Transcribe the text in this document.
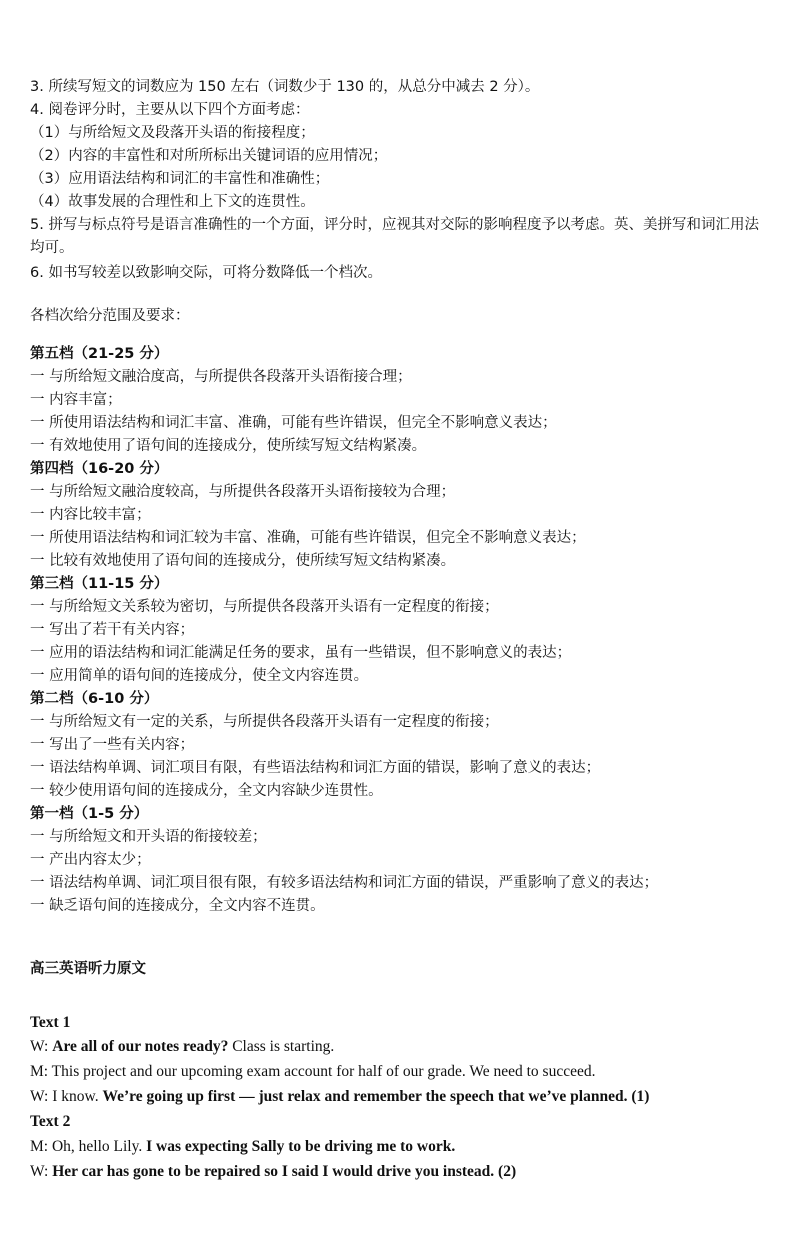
3. 所续写短文的词数应为 150 左右（词数少于 130 的，从总分中减去 2 分）。
4. 阅卷评分时，主要从以下四个方面考虑：
（1）与所给短文及段落开头语的衔接程度；
（2）内容的丰富性和对所所标出关键词语的应用情况；
（3）应用语法结构和词汇的丰富性和准确性；
（4）故事发展的合理性和上下文的连贯性。
5. 拼写与标点符号是语言准确性的一个方面，评分时，应视其对交际的影响程度予以考虑。英、美拼写和词汇用法均可。
6. 如书写较差以致影响交际，可将分数降低一个档次。
各档次给分范围及要求：
第五档（21-25 分）
一 与所给短文融洽度高，与所提供各段落开头语衔接合理；
一 内容丰富；
一 所使用语法结构和词汇丰富、准确，可能有些许错误，但完全不影响意义表达；
一 有效地使用了语句间的连接成分，使所续写短文结构紧凑。
第四档（16-20 分）
一 与所给短文融洽度较高，与所提供各段落开头语衔接较为合理；
一 内容比较丰富；
一 所使用语法结构和词汇较为丰富、准确，可能有些许错误，但完全不影响意义表达；
一 比较有效地使用了语句间的连接成分，使所续写短文结构紧凑。
第三档（11-15 分）
一 与所给短文关系较为密切，与所提供各段落开头语有一定程度的衔接；
一 写出了若干有关内容；
一 应用的语法结构和词汇能满足任务的要求，虽有一些错误，但不影响意义的表达；
一 应用简单的语句间的连接成分，使全文内容连贯。
第二档（6-10 分）
一 与所给短文有一定的关系，与所提供各段落开头语有一定程度的衔接；
一 写出了一些有关内容；
一 语法结构单调、词汇项目有限，有些语法结构和词汇方面的错误，影响了意义的表达；
一 较少使用语句间的连接成分，全文内容缺少连贯性。
第一档（1-5 分）
一 与所给短文和开头语的衔接较差；
一 产出内容太少；
一 语法结构单调、词汇项目很有限，有较多语法结构和词汇方面的错误，严重影响了意义的表达；
一 缺乏语句间的连接成分，全文内容不连贯。
高三英语听力原文
Text 1
W: Are all of our notes ready? Class is starting.
M: This project and our upcoming exam account for half of our grade. We need to succeed.
W: I know. We’re going up first — just relax and remember the speech that we’ve planned. (1)
Text 2
M: Oh, hello Lily. I was expecting Sally to be driving me to work.
W: Her car has gone to be repaired so I said I would drive you instead. (2)
